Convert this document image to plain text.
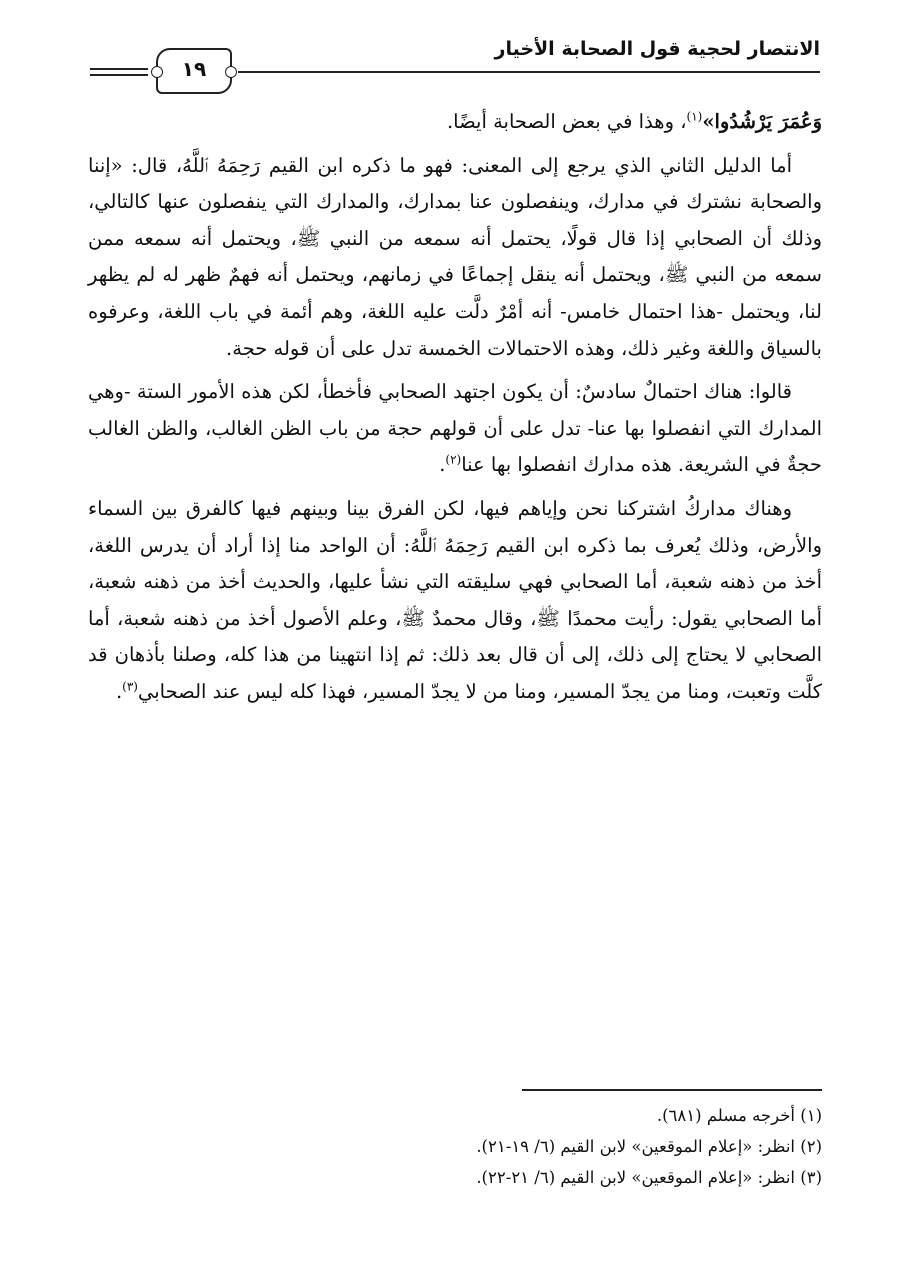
الانتصار لحجية قول الصحابة الأخيار
١٩

وَعُمَرَ يَرْشُدُوا»$^{(١)}$، وهذا في بعض الصحابة أيضًا.

أما الدليل الثاني الذي يرجع إلى المعنى: فهو ما ذكره ابن القيم رَحِمَهُ ٱللَّهُ، قال: «إننا والصحابة نشترك في مدارك، وينفصلون عنا بمدارك، والمدارك التي ينفصلون عنها كالتالي، وذلك أن الصحابي إذا قال قولًا، يحتمل أنه سمعه من النبي ﷺ، ويحتمل أنه سمعه ممن سمعه من النبي ﷺ، ويحتمل أنه ينقل إجماعًا في زمانهم، ويحتمل أنه فهمٌ ظهر له لم يظهر لنا، ويحتمل -هذا احتمال خامس- أنه أمْرٌ دلَّت عليه اللغة، وهم أئمة في باب اللغة، وعرفوه بالسياق واللغة وغير ذلك، وهذه الاحتمالات الخمسة تدل على أن قوله حجة.

قالوا: هناك احتمالٌ سادسٌ: أن يكون اجتهد الصحابي فأخطأ، لكن هذه الأمور الستة -وهي المدارك التي انفصلوا بها عنا- تدل على أن قولهم حجة من باب الظن الغالب، والظن الغالب حجةٌ في الشريعة. هذه مدارك انفصلوا بها عنا$^{(٢)}$.

وهناك مداركُ اشتركنا نحن وإياهم فيها، لكن الفرق بينا وبينهم فيها كالفرق بين السماء والأرض، وذلك يُعرف بما ذكره ابن القيم رَحِمَهُ ٱللَّهُ: أن الواحد منا إذا أراد أن يدرس اللغة، أخذ من ذهنه شعبة، أما الصحابي فهي سليقته التي نشأ عليها، والحديث أخذ من ذهنه شعبة، أما الصحابي يقول: رأيت محمدًا ﷺ، وقال محمدٌ ﷺ، وعلم الأصول أخذ من ذهنه شعبة، أما الصحابي لا يحتاج إلى ذلك، إلى أن قال بعد ذلك: ثم إذا انتهينا من هذا كله، وصلنا بأذهان قد كلَّت وتعبت، ومنا من يجدّ المسير، ومنا من لا يجدّ المسير، فهذا كله ليس عند الصحابي$^{(٣)}$.

(١) أخرجه مسلم (٦٨١).
(٢) انظر: «إعلام الموقعين» لابن القيم (٦/ ١٩-٢١).
(٣) انظر: «إعلام الموقعين» لابن القيم (٦/ ٢١-٢٢).
